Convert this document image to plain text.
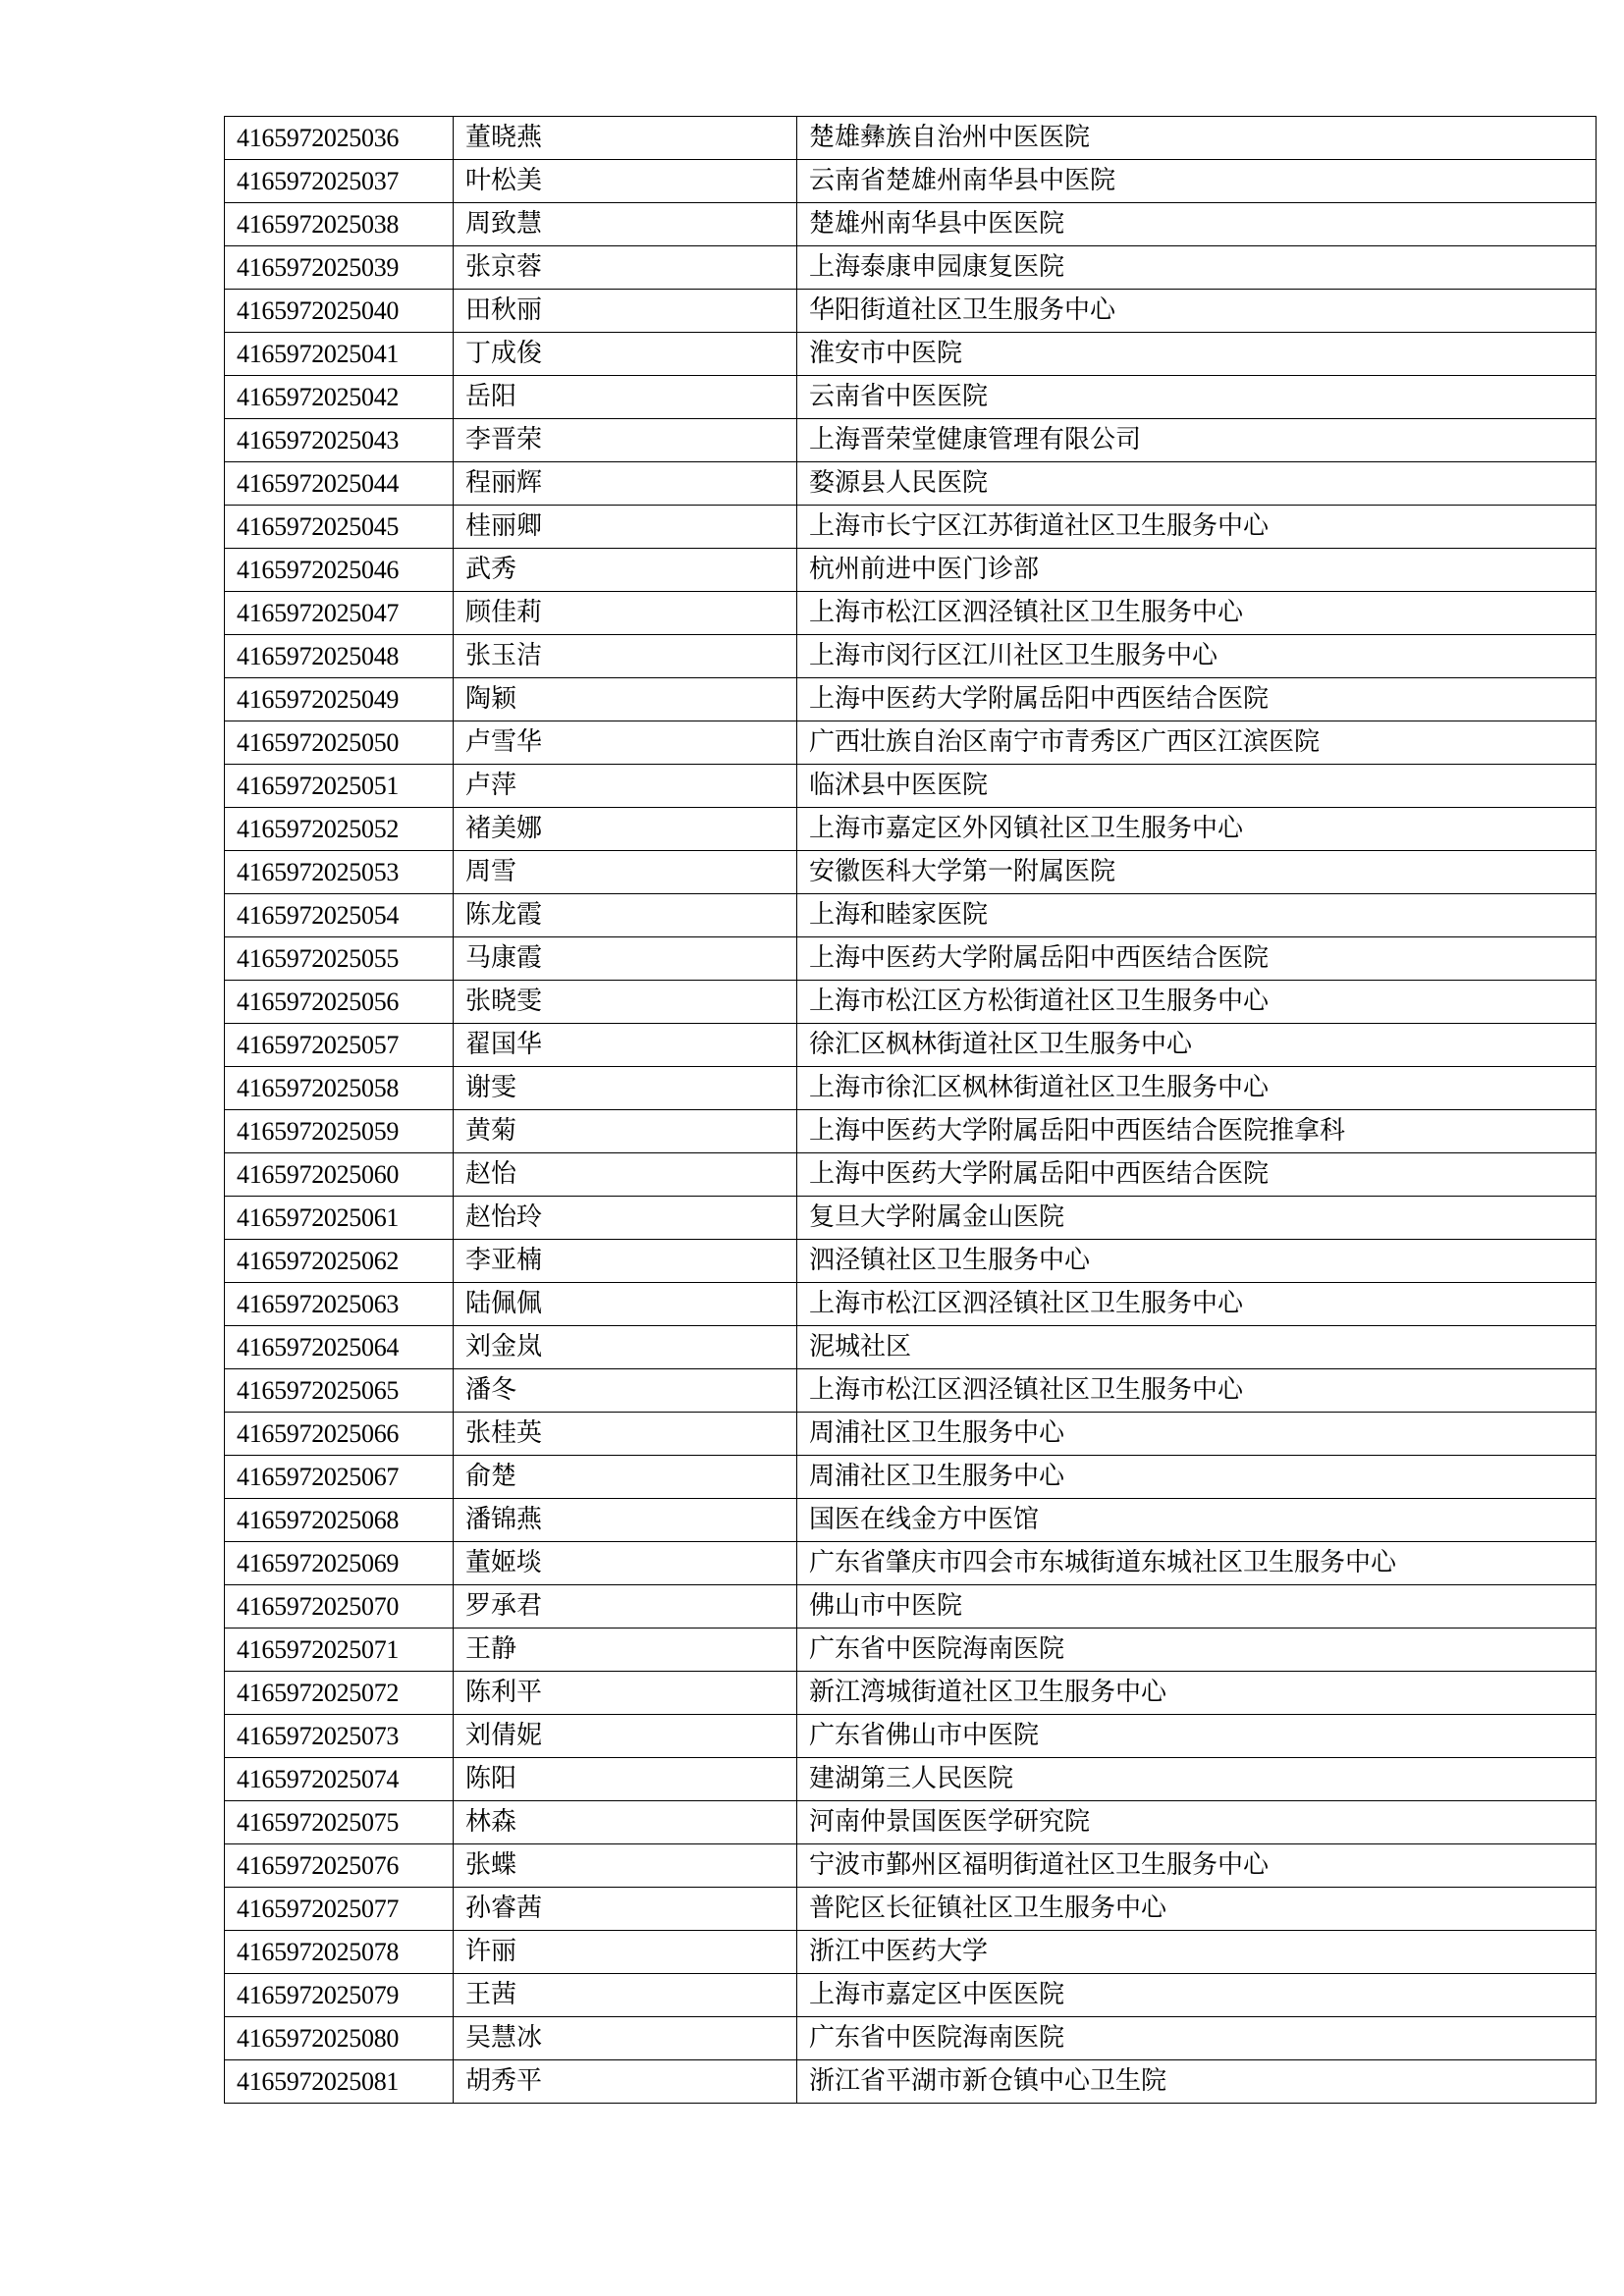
4165972025036	董晓燕	楚雄彝族自治州中医医院
4165972025037	叶松美	云南省楚雄州南华县中医院
4165972025038	周致慧	楚雄州南华县中医医院
4165972025039	张京蓉	上海泰康申园康复医院
4165972025040	田秋丽	华阳街道社区卫生服务中心
4165972025041	丁成俊	淮安市中医院
4165972025042	岳阳	云南省中医医院
4165972025043	李晋荣	上海晋荣堂健康管理有限公司
4165972025044	程丽辉	婺源县人民医院
4165972025045	桂丽卿	上海市长宁区江苏街道社区卫生服务中心
4165972025046	武秀	杭州前进中医门诊部
4165972025047	顾佳莉	上海市松江区泗泾镇社区卫生服务中心
4165972025048	张玉洁	上海市闵行区江川社区卫生服务中心
4165972025049	陶颖	上海中医药大学附属岳阳中西医结合医院
4165972025050	卢雪华	广西壮族自治区南宁市青秀区广西区江滨医院
4165972025051	卢萍	临沭县中医医院
4165972025052	褚美娜	上海市嘉定区外冈镇社区卫生服务中心
4165972025053	周雪	安徽医科大学第一附属医院
4165972025054	陈龙霞	上海和睦家医院
4165972025055	马康霞	上海中医药大学附属岳阳中西医结合医院
4165972025056	张晓雯	上海市松江区方松街道社区卫生服务中心
4165972025057	翟国华	徐汇区枫林街道社区卫生服务中心
4165972025058	谢雯	上海市徐汇区枫林街道社区卫生服务中心
4165972025059	黄菊	上海中医药大学附属岳阳中西医结合医院推拿科
4165972025060	赵怡	上海中医药大学附属岳阳中西医结合医院
4165972025061	赵怡玲	复旦大学附属金山医院
4165972025062	李亚楠	泗泾镇社区卫生服务中心
4165972025063	陆佩佩	上海市松江区泗泾镇社区卫生服务中心
4165972025064	刘金岚	泥城社区
4165972025065	潘冬	上海市松江区泗泾镇社区卫生服务中心
4165972025066	张桂英	周浦社区卫生服务中心
4165972025067	俞楚	周浦社区卫生服务中心
4165972025068	潘锦燕	国医在线金方中医馆
4165972025069	董姬埮	广东省肇庆市四会市东城街道东城社区卫生服务中心
4165972025070	罗承君	佛山市中医院
4165972025071	王静	广东省中医院海南医院
4165972025072	陈利平	新江湾城街道社区卫生服务中心
4165972025073	刘倩妮	广东省佛山市中医院
4165972025074	陈阳	建湖第三人民医院
4165972025075	林森	河南仲景国医医学研究院
4165972025076	张蝶	宁波市鄞州区福明街道社区卫生服务中心
4165972025077	孙睿茜	普陀区长征镇社区卫生服务中心
4165972025078	许丽	浙江中医药大学
4165972025079	王茜	上海市嘉定区中医医院
4165972025080	吴慧冰	广东省中医院海南医院
4165972025081	胡秀平	浙江省平湖市新仓镇中心卫生院
